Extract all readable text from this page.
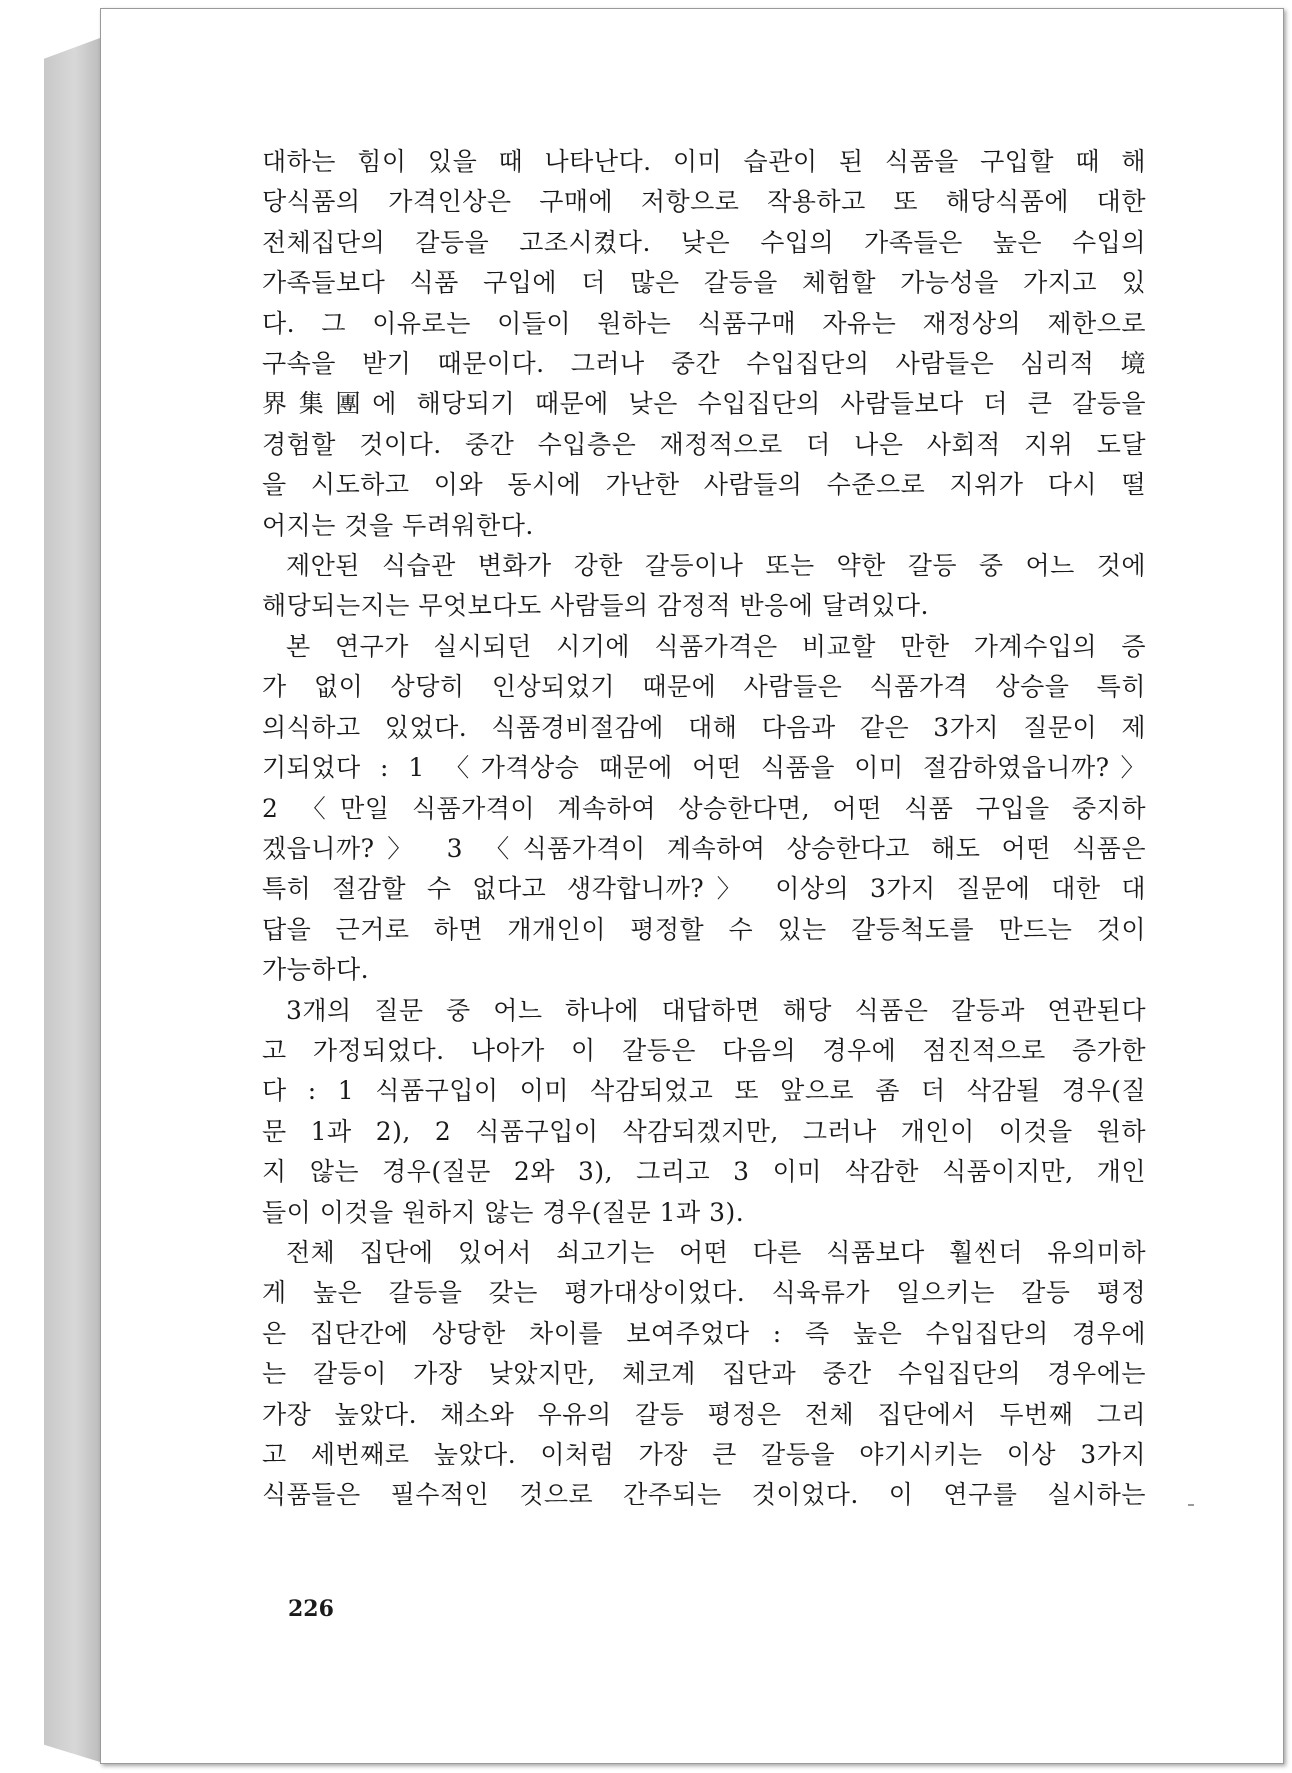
대하는 힘이 있을 때 나타난다. 이미 습관이 된 식품을 구입할 때 해
당식품의 가격인상은 구매에 저항으로 작용하고 또 해당식품에 대한
전체집단의 갈등을 고조시켰다. 낮은 수입의 가족들은 높은 수입의
가족들보다 식품 구입에 더 많은 갈등을 체험할 가능성을 가지고 있
다. 그 이유로는 이들이 원하는 식품구매 자유는 재정상의 제한으로
구속을 받기 때문이다. 그러나 중간 수입집단의 사람들은 심리적 境
界集團에 해당되기 때문에 낮은 수입집단의 사람들보다 더 큰 갈등을
경험할 것이다. 중간 수입층은 재정적으로 더 나은 사회적 지위 도달
을 시도하고 이와 동시에 가난한 사람들의 수준으로 지위가 다시 떨
어지는 것을 두려워한다.
제안된 식습관 변화가 강한 갈등이나 또는 약한 갈등 중 어느 것에
해당되는지는 무엇보다도 사람들의 감정적 반응에 달려있다.
본 연구가 실시되던 시기에 식품가격은 비교할 만한 가계수입의 증
가 없이 상당히 인상되었기 때문에 사람들은 식품가격 상승을 특히
의식하고 있었다. 식품경비절감에 대해 다음과 같은 3가지 질문이 제
기되었다 : 1 〈가격상승 때문에 어떤 식품을 이미 절감하였읍니까?〉
2 〈만일 식품가격이 계속하여 상승한다면, 어떤 식품 구입을 중지하
겠읍니까?〉 3 〈식품가격이 계속하여 상승한다고 해도 어떤 식품은
특히 절감할 수 없다고 생각합니까?〉 이상의 3가지 질문에 대한 대
답을 근거로 하면 개개인이 평정할 수 있는 갈등척도를 만드는 것이
가능하다.
3개의 질문 중 어느 하나에 대답하면 해당 식품은 갈등과 연관된다
고 가정되었다. 나아가 이 갈등은 다음의 경우에 점진적으로 증가한
다 : 1 식품구입이 이미 삭감되었고 또 앞으로 좀 더 삭감될 경우(질
문 1과 2), 2 식품구입이 삭감되겠지만, 그러나 개인이 이것을 원하
지 않는 경우(질문 2와 3), 그리고 3 이미 삭감한 식품이지만, 개인
들이 이것을 원하지 않는 경우(질문 1과 3).
전체 집단에 있어서 쇠고기는 어떤 다른 식품보다 훨씬더 유의미하
게 높은 갈등을 갖는 평가대상이었다. 식육류가 일으키는 갈등 평정
은 집단간에 상당한 차이를 보여주었다 : 즉 높은 수입집단의 경우에
는 갈등이 가장 낮았지만, 체코계 집단과 중간 수입집단의 경우에는
가장 높았다. 채소와 우유의 갈등 평정은 전체 집단에서 두번째 그리
고 세번째로 높았다. 이처럼 가장 큰 갈등을 야기시키는 이상 3가지
식품들은 필수적인 것으로 간주되는 것이었다. 이 연구를 실시하는
226
